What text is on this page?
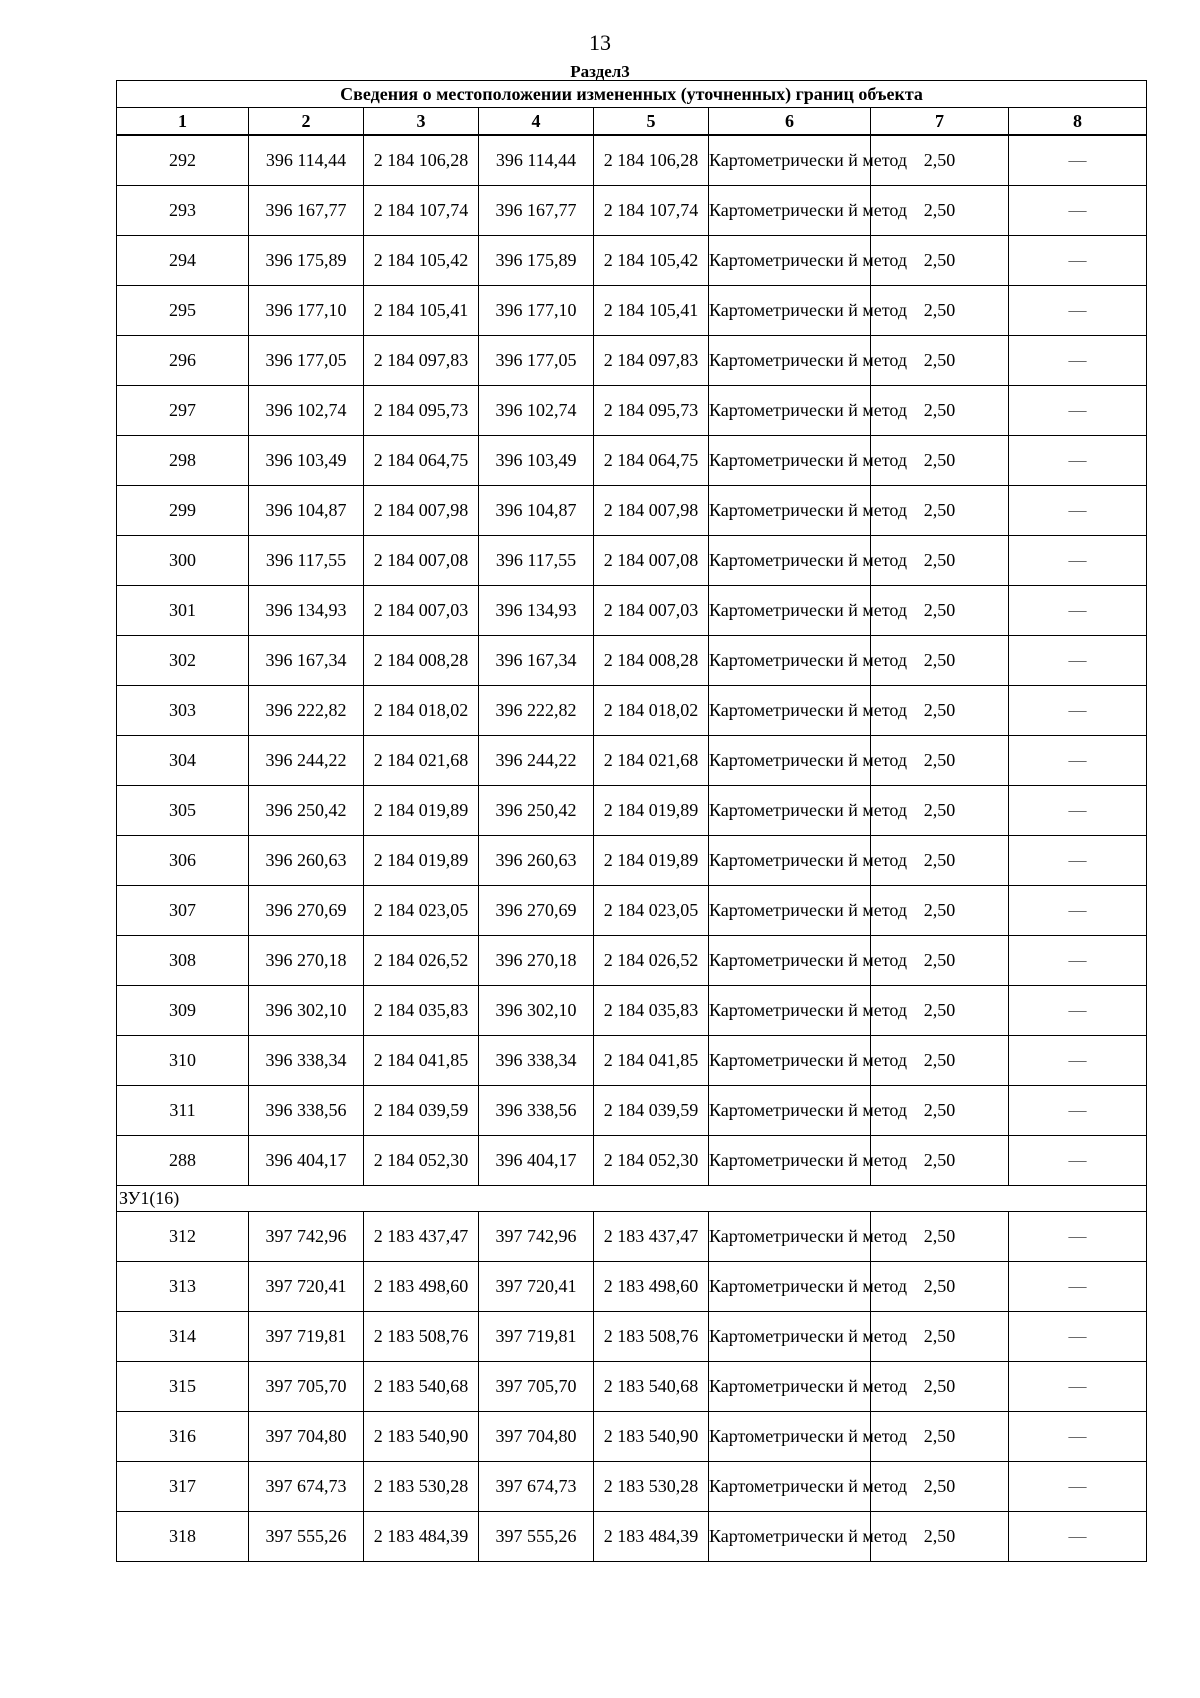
13
Раздел3
Сведения о местоположении измененных (уточненных) границ объекта							
1	2	3	4	5	6	7	8
292	396 114,44	2 184 106,28	396 114,44	2 184 106,28	Картометрически й метод	2,50	—
293	396 167,77	2 184 107,74	396 167,77	2 184 107,74	Картометрически й метод	2,50	—
294	396 175,89	2 184 105,42	396 175,89	2 184 105,42	Картометрически й метод	2,50	—
295	396 177,10	2 184 105,41	396 177,10	2 184 105,41	Картометрически й метод	2,50	—
296	396 177,05	2 184 097,83	396 177,05	2 184 097,83	Картометрически й метод	2,50	—
297	396 102,74	2 184 095,73	396 102,74	2 184 095,73	Картометрически й метод	2,50	—
298	396 103,49	2 184 064,75	396 103,49	2 184 064,75	Картометрически й метод	2,50	—
299	396 104,87	2 184 007,98	396 104,87	2 184 007,98	Картометрически й метод	2,50	—
300	396 117,55	2 184 007,08	396 117,55	2 184 007,08	Картометрически й метод	2,50	—
301	396 134,93	2 184 007,03	396 134,93	2 184 007,03	Картометрически й метод	2,50	—
302	396 167,34	2 184 008,28	396 167,34	2 184 008,28	Картометрически й метод	2,50	—
303	396 222,82	2 184 018,02	396 222,82	2 184 018,02	Картометрически й метод	2,50	—
304	396 244,22	2 184 021,68	396 244,22	2 184 021,68	Картометрически й метод	2,50	—
305	396 250,42	2 184 019,89	396 250,42	2 184 019,89	Картометрически й метод	2,50	—
306	396 260,63	2 184 019,89	396 260,63	2 184 019,89	Картометрически й метод	2,50	—
307	396 270,69	2 184 023,05	396 270,69	2 184 023,05	Картометрически й метод	2,50	—
308	396 270,18	2 184 026,52	396 270,18	2 184 026,52	Картометрически й метод	2,50	—
309	396 302,10	2 184 035,83	396 302,10	2 184 035,83	Картометрически й метод	2,50	—
310	396 338,34	2 184 041,85	396 338,34	2 184 041,85	Картометрически й метод	2,50	—
311	396 338,56	2 184 039,59	396 338,56	2 184 039,59	Картометрически й метод	2,50	—
288	396 404,17	2 184 052,30	396 404,17	2 184 052,30	Картометрически й метод	2,50	—
ЗУ1(16)							
312	397 742,96	2 183 437,47	397 742,96	2 183 437,47	Картометрически й метод	2,50	—
313	397 720,41	2 183 498,60	397 720,41	2 183 498,60	Картометрически й метод	2,50	—
314	397 719,81	2 183 508,76	397 719,81	2 183 508,76	Картометрически й метод	2,50	—
315	397 705,70	2 183 540,68	397 705,70	2 183 540,68	Картометрически й метод	2,50	—
316	397 704,80	2 183 540,90	397 704,80	2 183 540,90	Картометрически й метод	2,50	—
317	397 674,73	2 183 530,28	397 674,73	2 183 530,28	Картометрически й метод	2,50	—
318	397 555,26	2 183 484,39	397 555,26	2 183 484,39	Картометрически й метод	2,50	—
